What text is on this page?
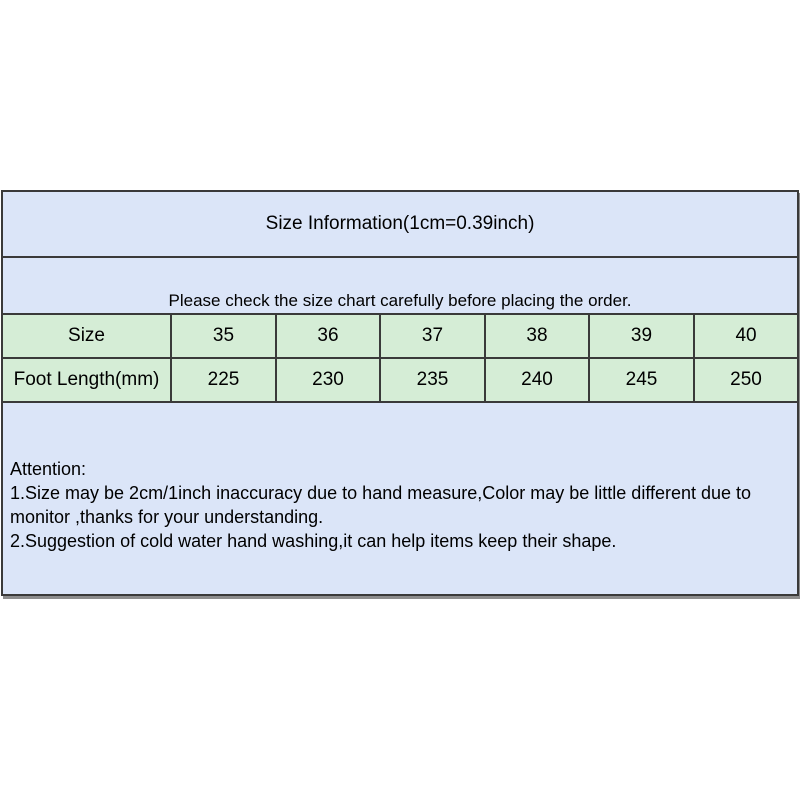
Size Information(1cm=0.39inch)						
Please check the size chart carefully before placing the order.						
Size	35	36	37	38	39	40
Foot Length(mm)	225	230	235	240	245	250

Attention:
1.Size may be 2cm/1inch inaccuracy due to hand measure,Color may be little different due to monitor ,thanks for your understanding.
2.Suggestion of cold water hand washing,it can help items keep their shape.						
